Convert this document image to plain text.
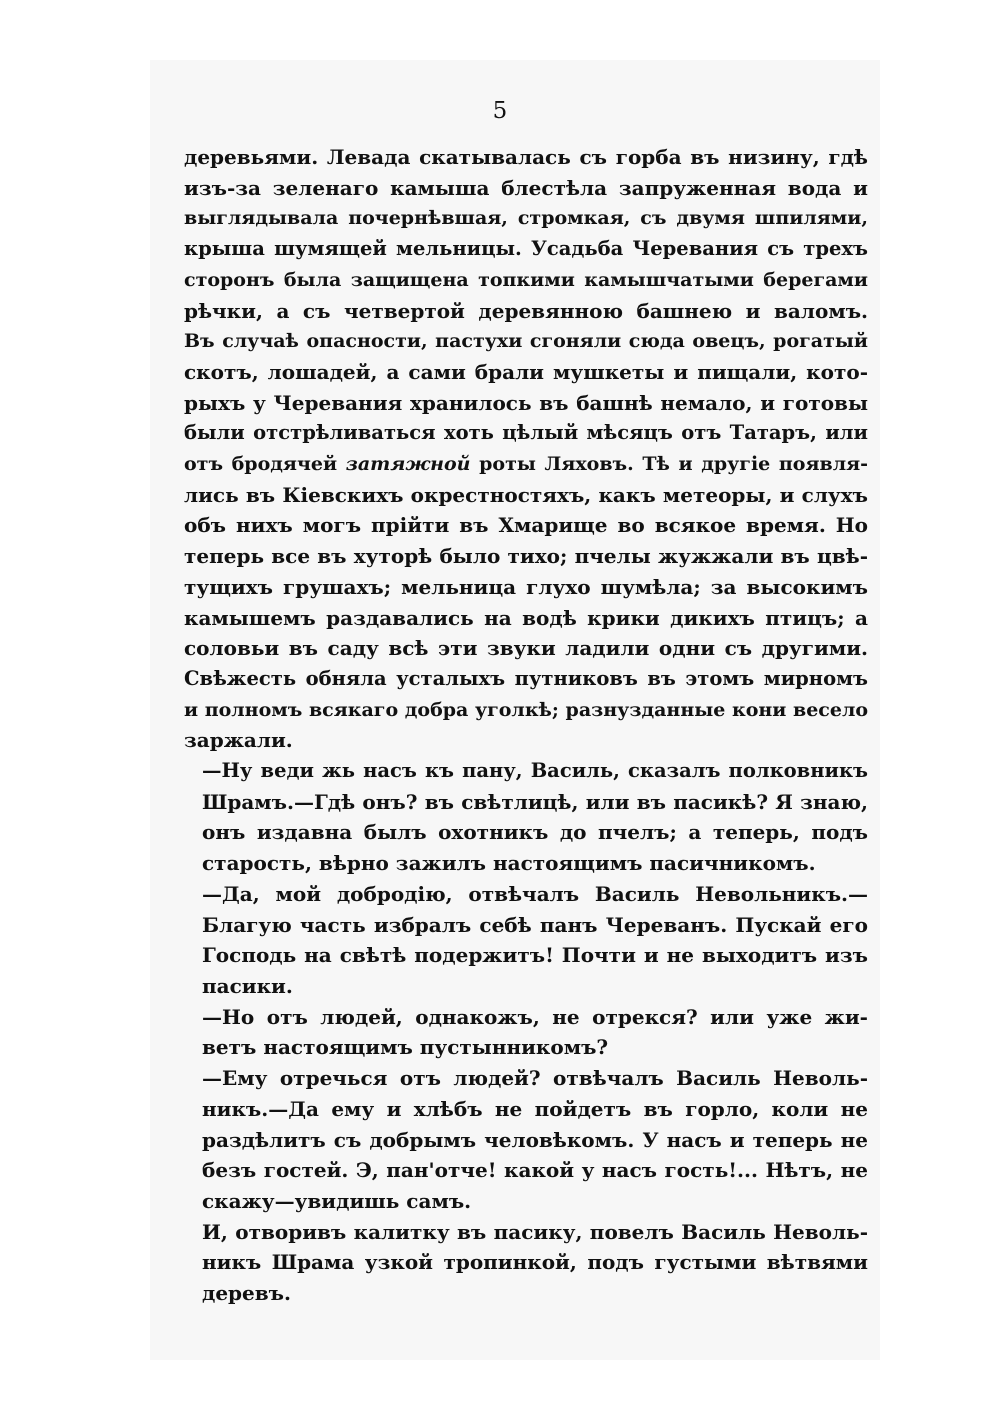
5

деревьями. Левада скатывалась съ горба въ низину, гдѣ
изъ-за зеленаго камыша блестѣла запруженная вода и
выглядывала почернѣвшая, стромкая, съ двумя шпилями,
крыша шумящей мельницы. Усадьба Черевания съ трехъ
сторонъ была защищена топкими камышчатыми берегами
рѣчки, а съ четвертой деревянною башнею и валомъ.
Въ случаѣ опасности, пастухи сгоняли сюда овецъ, рогатый
скотъ, лошадей, а сами брали мушкеты и пищали, кото-
рыхъ у Черевания хранилось въ башнѣ немало, и готовы
были отстрѣливаться хоть цѣлый мѣсяцъ отъ Татаръ, или
отъ бродячей затяжной роты Ляховъ. Тѣ и другіе появля-
лись въ Кіевскихъ окрестностяхъ, какъ метеоры, и слухъ
объ нихъ могъ прійти въ Хмарище во всякое время. Но
теперь все въ хуторѣ было тихо; пчелы жужжали въ цвѣ-
тущихъ грушахъ; мельница глухо шумѣла; за высокимъ
камышемъ раздавались на водѣ крики дикихъ птицъ; а
соловьи въ саду всѣ эти звуки ладили одни съ другими.
Свѣжесть обняла усталыхъ путниковъ въ этомъ мирномъ
и полномъ всякаго добра уголкѣ; разнузданные кони весело
заржали.

—Ну веди жь насъ къ пану, Василь, сказалъ полковникъ
Шрамъ.—Гдѣ онъ? въ свѣтлицѣ, или въ пасикѣ? Я знаю,
онъ издавна былъ охотникъ до пчелъ; а теперь, подъ
старость, вѣрно зажилъ настоящимъ пасичникомъ.

—Да, мой добродію, отвѣчалъ Василь Невольникъ.—
Благую часть избралъ себѣ панъ Череванъ. Пускай его
Господь на свѣтѣ подержитъ! Почти и не выходитъ изъ
пасики.

—Но отъ людей, однакожъ, не отрекся? или уже жи-
ветъ настоящимъ пустынникомъ?

—Ему отречься отъ людей? отвѣчалъ Василь Неволь-
никъ.—Да ему и хлѣбъ не пойдетъ въ горло, коли не
раздѣлитъ съ добрымъ человѣкомъ. У насъ и теперь не
безъ гостей. Э, пан'отче! какой у насъ гость!... Нѣтъ, не
скажу—увидишь самъ.

И, отворивъ калитку въ пасику, повелъ Василь Неволь-
никъ Шрама узкой тропинкой, подъ густыми вѣтвями
деревъ.
